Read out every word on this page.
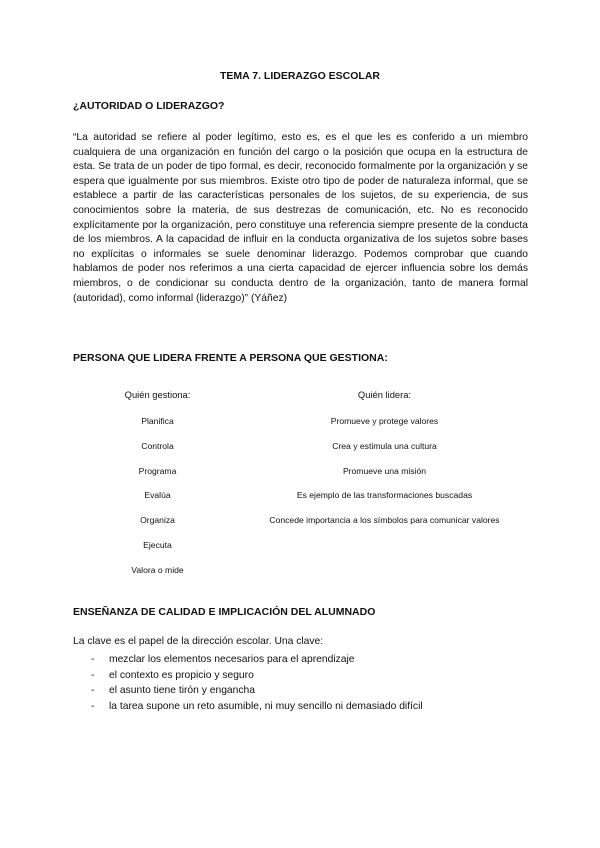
TEMA 7. LIDERAZGO ESCOLAR
¿AUTORIDAD O LIDERAZGO?

“La autoridad se refiere al poder legítimo, esto es, es el que les es conferido a un miembro cualquiera de una organización en función del cargo o la posición que ocupa en la estructura de esta. Se trata de un poder de tipo formal, es decir, reconocido formalmente por la organización y se espera que igualmente por sus miembros. Existe otro tipo de poder de naturaleza informal, que se establece a partir de las características personales de los sujetos, de su experiencia, de sus conocimientos sobre la materia, de sus destrezas de comunicación, etc. No es reconocido explícitamente por la organización, pero constituye una referencia siempre presente de la conducta de los miembros. A la capacidad de influir en la conducta organizativa de los sujetos sobre bases no explícitas o informales se suele denominar liderazgo. Podemos comprobar que cuando hablamos de poder nos referimos a una cierta capacidad de ejercer influencia sobre los demás miembros, o de condicionar su conducta dentro de la organización, tanto de manera formal (autoridad), como informal (liderazgo)” (Yáñez)

PERSONA QUE LIDERA FRENTE A PERSONA QUE GESTIONA:
Quién gestiona:
Planifica
Controla
Programa
Evalúa
Organiza
Ejecuta
Valora o mide
Quién lidera:
Promueve y protege valores
Crea y estimula una cultura
Promueve una misión
Es ejemplo de las transformaciones buscadas
Concede importancia a los símbolos para comunicar valores
ENSEÑANZA DE CALIDAD E IMPLICACIÓN DEL ALUMNADO
La clave es el papel de la dirección escolar. Una clave:
- mezclar los elementos necesarios para el aprendizaje
- el contexto es propicio y seguro
- el asunto tiene tirón y engancha
- la tarea supone un reto asumible, ni muy sencillo ni demasiado difícil
